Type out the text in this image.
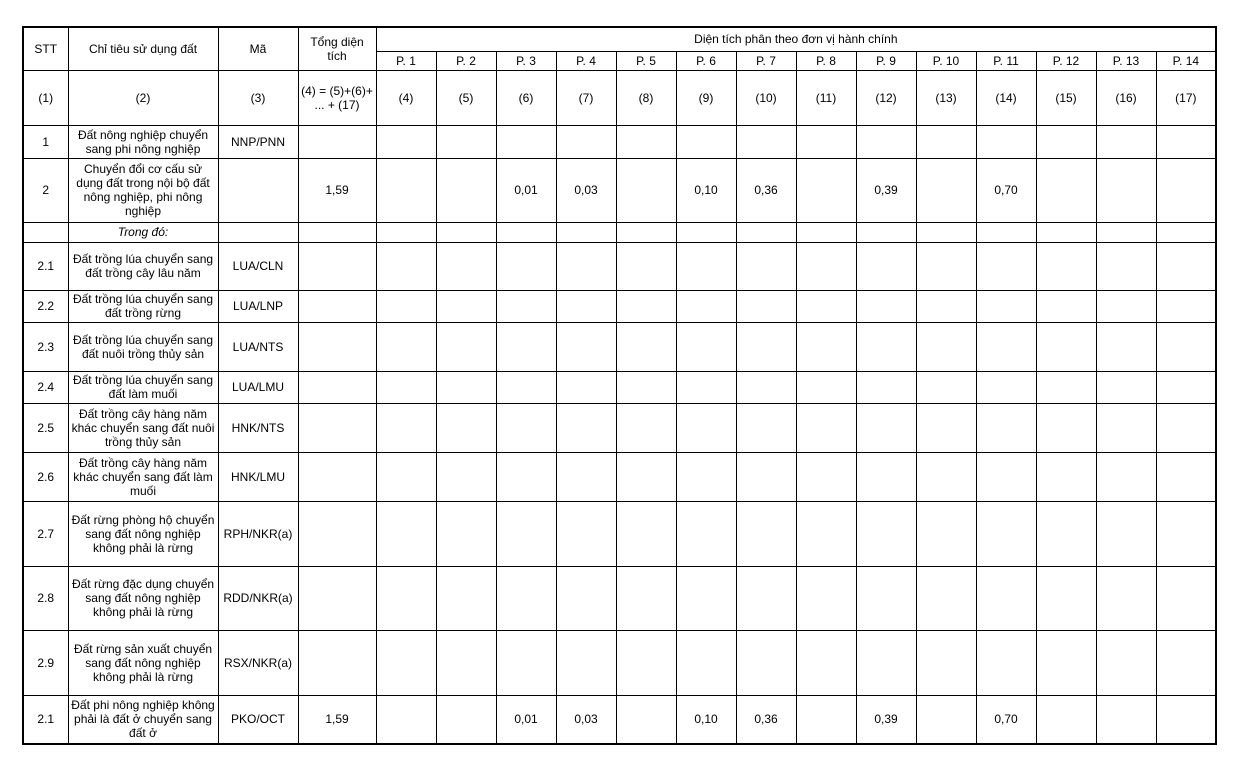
STT	Chỉ tiêu sử dụng đất	Mã	Tổng diện tích	Diện tích phân theo đơn vị hành chính													
				P. 1	P. 2	P. 3	P. 4	P. 5	P. 6	P. 7	P. 8	P. 9	P. 10	P. 11	P. 12	P. 13	P. 14
(1)	(2)	(3)	(4) = (5)+(6)+ ... + (17)	(4)	(5)	(6)	(7)	(8)	(9)	(10)	(11)	(12)	(13)	(14)	(15)	(16)	(17)
1	Đất nông nghiệp chuyển sang phi nông nghiệp	NNP/PNN															
2	Chuyển đổi cơ cấu sử dụng đất trong nội bộ đất nông nghiệp, phi nông nghiệp		1,59			0,01	0,03		0,10	0,36		0,39		0,70			
	Trong đó:																
2.1	Đất trồng lúa chuyển sang đất trồng cây lâu năm	LUA/CLN															
2.2	Đất trồng lúa chuyển sang đất trồng rừng	LUA/LNP															
2.3	Đất trồng lúa chuyển sang đất nuôi trồng thủy sản	LUA/NTS															
2.4	Đất trồng lúa chuyển sang đất làm muối	LUA/LMU															
2.5	Đất trồng cây hàng năm khác chuyển sang đất nuôi trồng thủy sản	HNK/NTS															
2.6	Đất trồng cây hàng năm khác chuyển sang đất làm muối	HNK/LMU															
2.7	Đất rừng phòng hộ chuyển sang đất nông nghiệp không phải là rừng	RPH/NKR(a)															
2.8	Đất rừng đặc dụng chuyển sang đất nông nghiệp không phải là rừng	RDD/NKR(a)															
2.9	Đất rừng sản xuất chuyển sang đất nông nghiệp không phải là rừng	RSX/NKR(a)															
2.1	Đất phi nông nghiệp không phải là đất ở chuyển sang đất ở	PKO/OCT	1,59			0,01	0,03		0,10	0,36		0,39		0,70			
